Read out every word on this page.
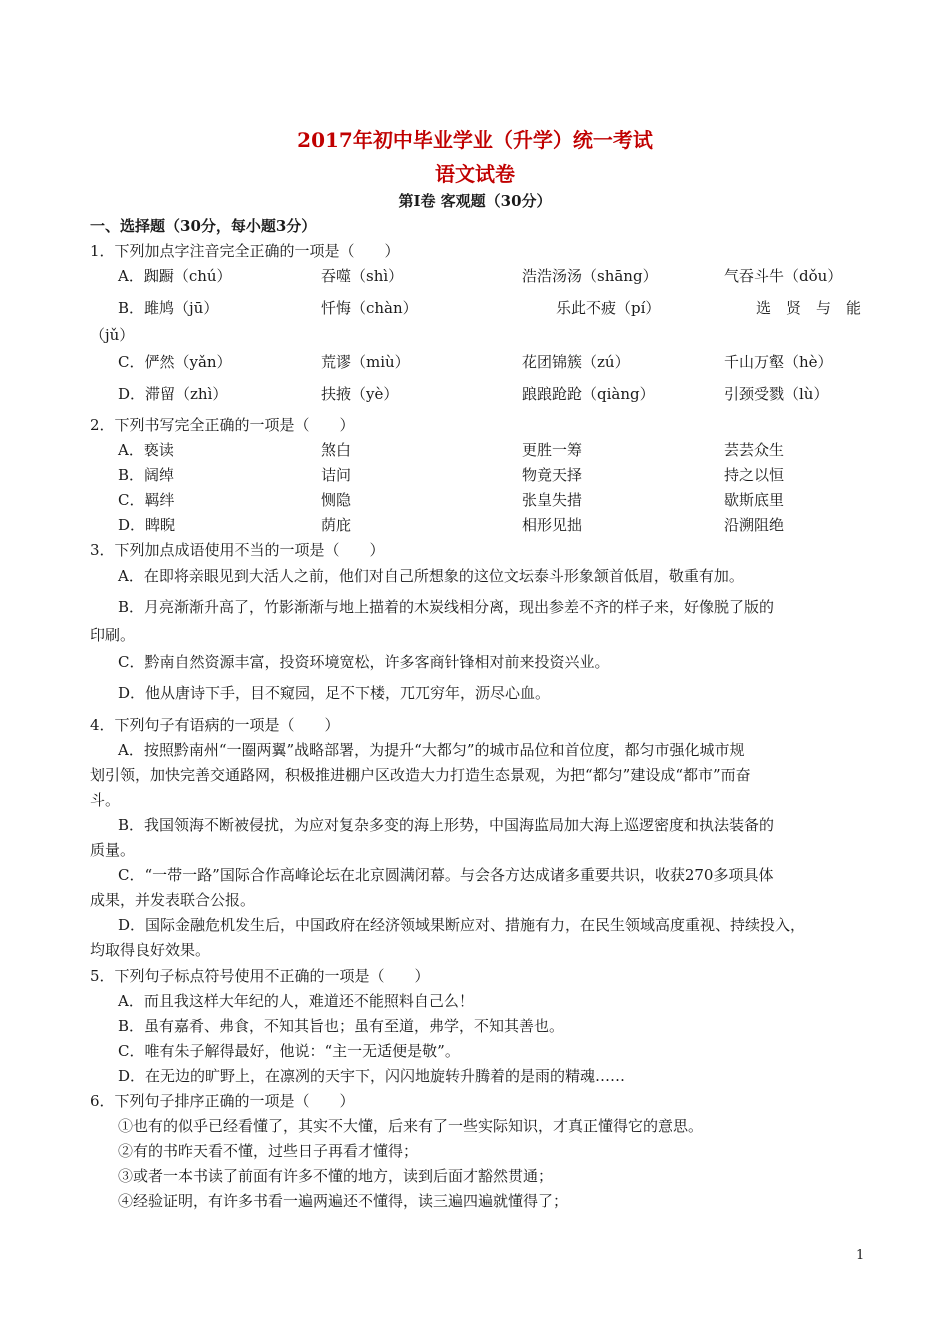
2017年初中毕业学业（升学）统一考试
语文试卷
第Ⅰ卷 客观题（30分）
一、选择题（30分，每小题3分）
1．下列加点字注音完全正确的一项是（　　）
A．踟蹰（chú）	吞噬（shì）	浩浩汤汤（shāng）	气吞斗牛（dǒu）
B．雎鸠（jū）	忏悔（chàn）	乐此不疲（pí）	选　贤　与　能
（jǔ）
C．俨然（yǎn）	荒谬（miù）	花团锦簇（zú）	千山万壑（hè）
D．滞留（zhì）	扶掖（yè）	踉踉跄跄（qiàng）	引颈受戮（lù）
2．下列书写完全正确的一项是（　　）
A．亵读	煞白	更胜一筹	芸芸众生
B．阔绰	诘问	物竟天择	持之以恒
C．羁绊	恻隐	张皇失措	歇斯底里
D．睥睨	荫庇	相形见拙	沿溯阻绝
3．下列加点成语使用不当的一项是（　　）
A．在即将亲眼见到大活人之前，他们对自己所想象的这位文坛泰斗形象颔首低眉，敬重有加。
B．月亮渐渐升高了，竹影渐渐与地上描着的木炭线相分离，现出参差不齐的样子来，好像脱了版的
印刷。
C．黔南自然资源丰富，投资环境宽松，许多客商针锋相对前来投资兴业。
D．他从唐诗下手，目不窥园，足不下楼，兀兀穷年，沥尽心血。
4．下列句子有语病的一项是（　　）
A．按照黔南州“一圈两翼”战略部署，为提升“大都匀”的城市品位和首位度，都匀市强化城市规
划引领，加快完善交通路网，积极推进棚户区改造大力打造生态景观，为把“都匀”建设成“都市”而奋
斗。
B．我国领海不断被侵扰，为应对复杂多变的海上形势，中国海监局加大海上巡逻密度和执法装备的
质量。
C．“一带一路”国际合作高峰论坛在北京圆满闭幕。与会各方达成诸多重要共识，收获270多项具体
成果，并发表联合公报。
D．国际金融危机发生后，中国政府在经济领域果断应对、措施有力，在民生领域高度重视、持续投入，
均取得良好效果。
5．下列句子标点符号使用不正确的一项是（　　）
A．而且我这样大年纪的人，难道还不能照料自己么！
B．虽有嘉肴、弗食，不知其旨也；虽有至道，弗学，不知其善也。
C．唯有朱子解得最好，他说：“主一无适便是敬”。
D．在无边的旷野上，在凛冽的天宇下，闪闪地旋转升腾着的是雨的精魂……
6．下列句子排序正确的一项是（　　）
①也有的似乎已经看懂了，其实不大懂，后来有了一些实际知识，才真正懂得它的意思。
②有的书昨天看不懂，过些日子再看才懂得；
③或者一本书读了前面有许多不懂的地方，读到后面才豁然贯通；
④经验证明，有许多书看一遍两遍还不懂得，读三遍四遍就懂得了；
1
